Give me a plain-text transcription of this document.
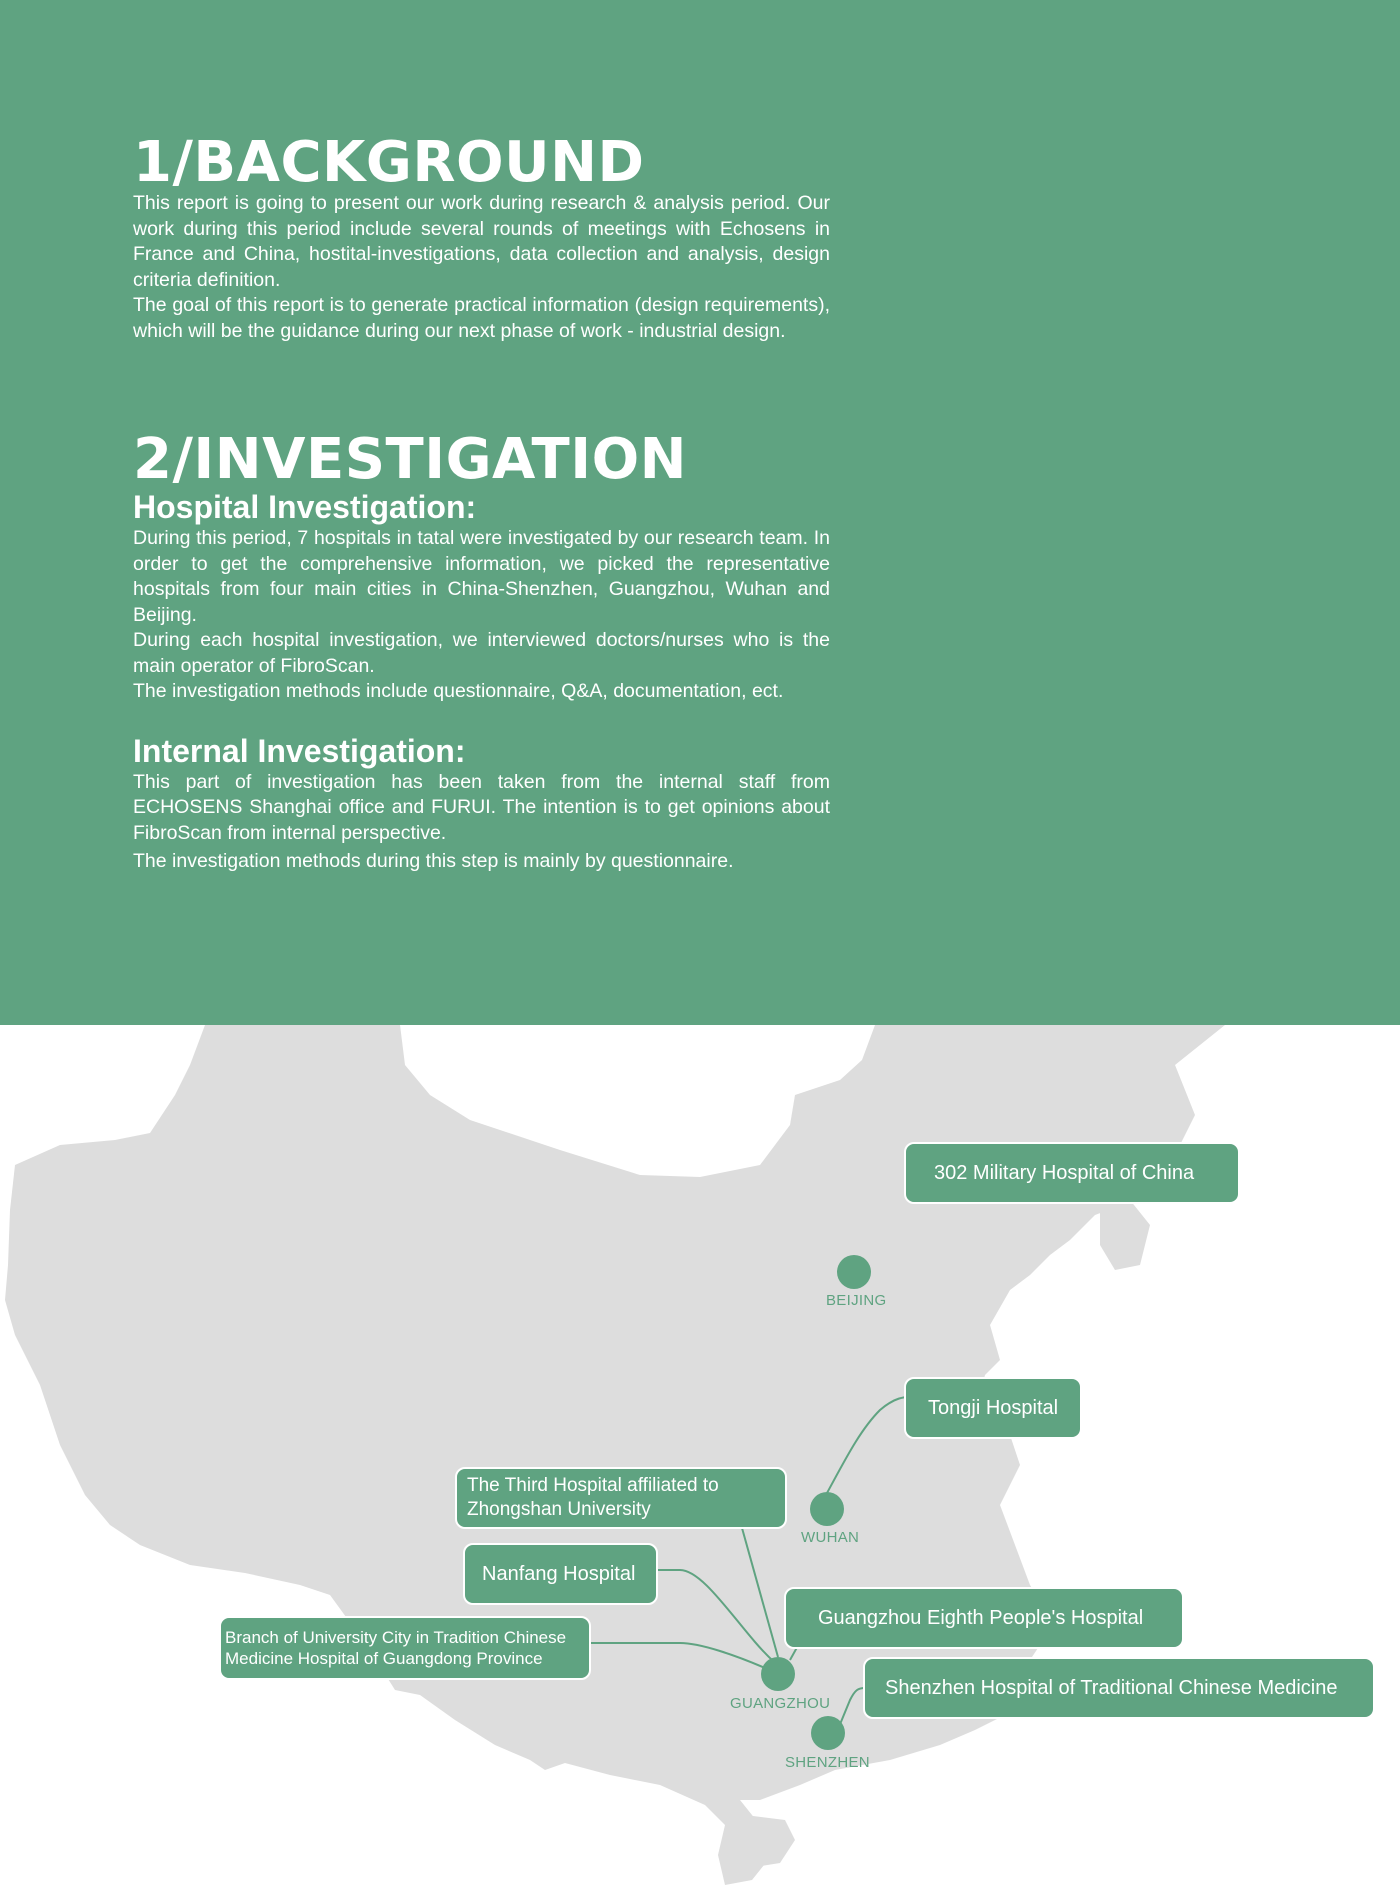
1/BACKGROUND

This report is going to present our work during research & analysis period. Our work during this period include several rounds of meetings with Echosens in France and China, hostital-investigations, data collection and analysis, design criteria definition.

The goal of this report is to generate practical information (design requirements), which will be the guidance during our next phase of work - industrial design.

2/INVESTIGATION
Hospital Investigation:

During this period, 7 hospitals in tatal were investigated by our research team. In order to get the comprehensive information, we picked the representative hospitals from four main cities in China-Shenzhen, Guangzhou, Wuhan and Beijing.

During each hospital investigation, we interviewed doctors/nurses who is the main operator of FibroScan.

The investigation methods include questionnaire, Q&A, documentation, ect.

Internal Investigation:

This part of investigation has been taken from the internal staff from ECHOSENS Shanghai office and FURUI. The intention is to get opinions about FibroScan from internal perspective.

The investigation methods during this step is mainly by questionnaire.

BEIJING
WUHAN
GUANGZHOU
SHENZHEN
302 Military Hospital of China
Tongji Hospital
The Third Hospital affiliated to Zhongshan University
Nanfang Hospital
Guangzhou Eighth People's Hospital
Branch of University City in Tradition Chinese Medicine Hospital of Guangdong Province
Shenzhen Hospital of Traditional Chinese Medicine
